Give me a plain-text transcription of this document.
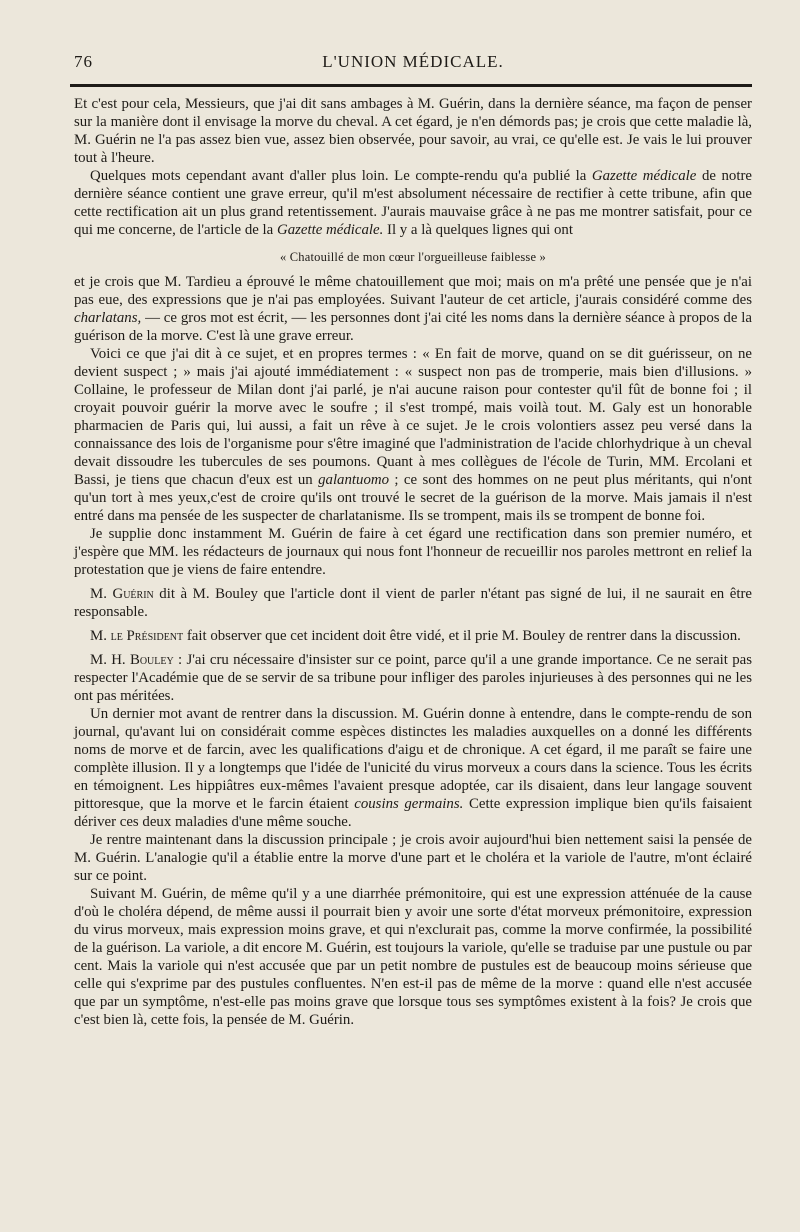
76	L'UNION MÉDICALE.

Et c'est pour cela, Messieurs, que j'ai dit sans ambages à M. Guérin, dans la dernière séance, ma façon de penser sur la manière dont il envisage la morve du cheval. A cet égard, je n'en démords pas; je crois que cette maladie là, M. Guérin ne l'a pas assez bien vue, assez bien observée, pour savoir, au vrai, ce qu'elle est. Je vais le lui prouver tout à l'heure.

Quelques mots cependant avant d'aller plus loin. Le compte-rendu qu'a publié la Gazette médicale de notre dernière séance contient une grave erreur, qu'il m'est absolument nécessaire de rectifier à cette tribune, afin que cette rectification ait un plus grand retentissement. J'aurais mauvaise grâce à ne pas me montrer satisfait, pour ce qui me concerne, de l'article de la Gazette médicale. Il y a là quelques lignes qui ont

« Chatouillé de mon cœur l'orgueilleuse faiblesse »

et je crois que M. Tardieu a éprouvé le même chatouillement que moi; mais on m'a prêté une pensée que je n'ai pas eue, des expressions que je n'ai pas employées. Suivant l'auteur de cet article, j'aurais considéré comme des charlatans, — ce gros mot est écrit, — les personnes dont j'ai cité les noms dans la dernière séance à propos de la guérison de la morve. C'est là une grave erreur.

Voici ce que j'ai dit à ce sujet, et en propres termes : « En fait de morve, quand on se dit guérisseur, on ne devient suspect ; » mais j'ai ajouté immédiatement : « suspect non pas de tromperie, mais bien d'illusions. » Collaine, le professeur de Milan dont j'ai parlé, je n'ai aucune raison pour contester qu'il fût de bonne foi ; il croyait pouvoir guérir la morve avec le soufre ; il s'est trompé, mais voilà tout. M. Galy est un honorable pharmacien de Paris qui, lui aussi, a fait un rêve à ce sujet. Je le crois volontiers assez peu versé dans la connaissance des lois de l'organisme pour s'être imaginé que l'administration de l'acide chlorhydrique à un cheval devait dissoudre les tubercules de ses poumons. Quant à mes collègues de l'école de Turin, MM. Ercolani et Bassi, je tiens que chacun d'eux est un galantuomo ; ce sont des hommes on ne peut plus méritants, qui n'ont qu'un tort à mes yeux,c'est de croire qu'ils ont trouvé le secret de la guérison de la morve. Mais jamais il n'est entré dans ma pensée de les suspecter de charlatanisme. Ils se trompent, mais ils se trompent de bonne foi.

Je supplie donc instamment M. Guérin de faire à cet égard une rectification dans son premier numéro, et j'espère que MM. les rédacteurs de journaux qui nous font l'honneur de recueillir nos paroles mettront en relief la protestation que je viens de faire entendre.

M. Guérin dit à M. Bouley que l'article dont il vient de parler n'étant pas signé de lui, il ne saurait en être responsable.

M. le Président fait observer que cet incident doit être vidé, et il prie M. Bouley de rentrer dans la discussion.

M. H. Bouley : J'ai cru nécessaire d'insister sur ce point, parce qu'il a une grande importance. Ce ne serait pas respecter l'Académie que de se servir de sa tribune pour infliger des paroles injurieuses à des personnes qui ne les ont pas méritées.

Un dernier mot avant de rentrer dans la discussion. M. Guérin donne à entendre, dans le compte-rendu de son journal, qu'avant lui on considérait comme espèces distinctes les maladies auxquelles on a donné les différents noms de morve et de farcin, avec les qualifications d'aigu et de chronique. A cet égard, il me paraît se faire une complète illusion. Il y a longtemps que l'idée de l'unicité du virus morveux a cours dans la science. Tous les écrits en témoignent. Les hippiâtres eux-mêmes l'avaient presque adoptée, car ils disaient, dans leur langage souvent pittoresque, que la morve et le farcin étaient cousins germains. Cette expression implique bien qu'ils faisaient dériver ces deux maladies d'une même souche.

Je rentre maintenant dans la discussion principale ; je crois avoir aujourd'hui bien nettement saisi la pensée de M. Guérin. L'analogie qu'il a établie entre la morve d'une part et le choléra et la variole de l'autre, m'ont éclairé sur ce point.

Suivant M. Guérin, de même qu'il y a une diarrhée prémonitoire, qui est une expression atténuée de la cause d'où le choléra dépend, de même aussi il pourrait bien y avoir une sorte d'état morveux prémonitoire, expression du virus morveux, mais expression moins grave, et qui n'exclurait pas, comme la morve confirmée, la possibilité de la guérison. La variole, a dit encore M. Guérin, est toujours la variole, qu'elle se traduise par une pustule ou par cent. Mais la variole qui n'est accusée que par un petit nombre de pustules est de beaucoup moins sérieuse que celle qui s'exprime par des pustules confluentes. N'en est-il pas de même de la morve : quand elle n'est accusée que par un symptôme, n'est-elle pas moins grave que lorsque tous ses symptômes existent à la fois? Je crois que c'est bien là, cette fois, la pensée de M. Guérin.
